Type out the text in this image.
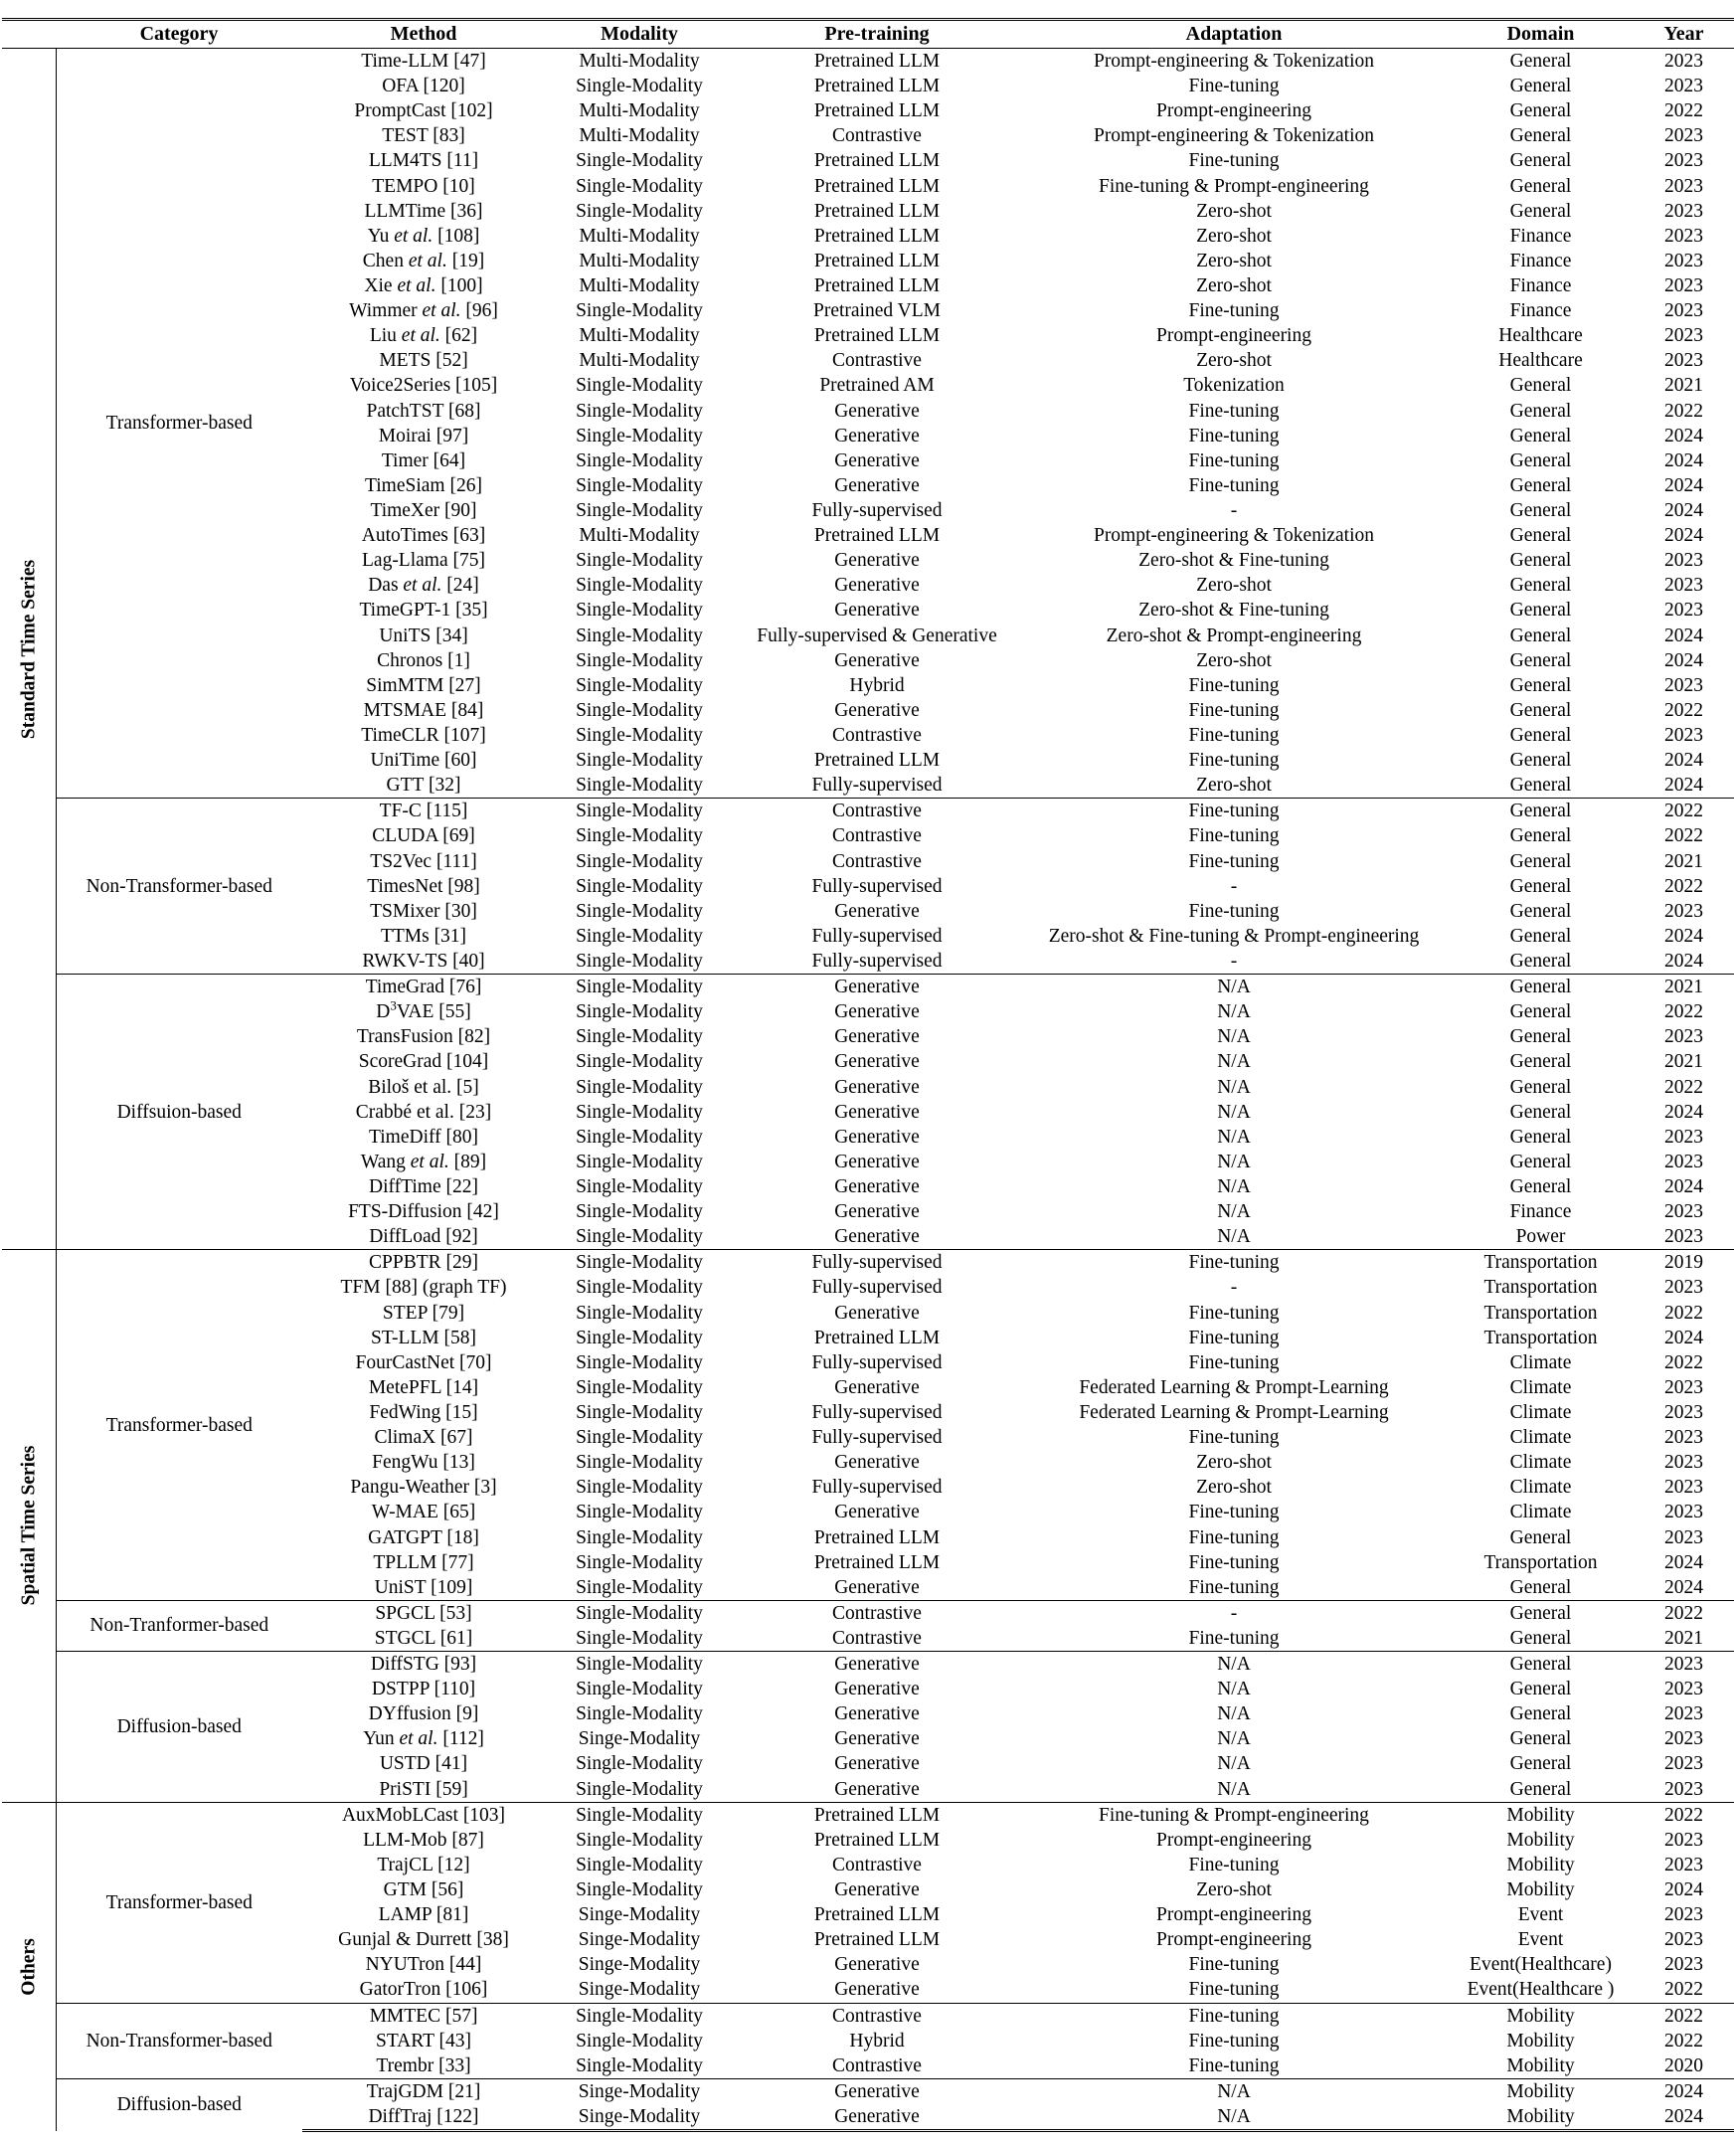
	Category	Method	Modality	Pre-training	Adaptation	Domain	Year

Standard Time Series	Transformer-based	Time-LLM [47]	Multi-Modality	Pretrained LLM	Prompt-engineering & Tokenization	General	2023
		OFA [120]	Single-Modality	Pretrained LLM	Fine-tuning	General	2023
		PromptCast [102]	Multi-Modality	Pretrained LLM	Prompt-engineering	General	2022
		TEST [83]	Multi-Modality	Contrastive	Prompt-engineering & Tokenization	General	2023
		LLM4TS [11]	Single-Modality	Pretrained LLM	Fine-tuning	General	2023
		TEMPO [10]	Single-Modality	Pretrained LLM	Fine-tuning & Prompt-engineering	General	2023
		LLMTime [36]	Single-Modality	Pretrained LLM	Zero-shot	General	2023
		Yu et al. [108]	Multi-Modality	Pretrained LLM	Zero-shot	Finance	2023
		Chen et al. [19]	Multi-Modality	Pretrained LLM	Zero-shot	Finance	2023
		Xie et al. [100]	Multi-Modality	Pretrained LLM	Zero-shot	Finance	2023
		Wimmer et al. [96]	Single-Modality	Pretrained VLM	Fine-tuning	Finance	2023
		Liu et al. [62]	Multi-Modality	Pretrained LLM	Prompt-engineering	Healthcare	2023
		METS [52]	Multi-Modality	Contrastive	Zero-shot	Healthcare	2023
		Voice2Series [105]	Single-Modality	Pretrained AM	Tokenization	General	2021
		PatchTST [68]	Single-Modality	Generative	Fine-tuning	General	2022
		Moirai [97]	Single-Modality	Generative	Fine-tuning	General	2024
		Timer [64]	Single-Modality	Generative	Fine-tuning	General	2024
		TimeSiam [26]	Single-Modality	Generative	Fine-tuning	General	2024
		TimeXer [90]	Single-Modality	Fully-supervised	-	General	2024
		AutoTimes [63]	Multi-Modality	Pretrained LLM	Prompt-engineering & Tokenization	General	2024
		Lag-Llama [75]	Single-Modality	Generative	Zero-shot & Fine-tuning	General	2023
		Das et al. [24]	Single-Modality	Generative	Zero-shot	General	2023
		TimeGPT-1 [35]	Single-Modality	Generative	Zero-shot & Fine-tuning	General	2023
		UniTS [34]	Single-Modality	Fully-supervised & Generative	Zero-shot & Prompt-engineering	General	2024
		Chronos [1]	Single-Modality	Generative	Zero-shot	General	2024
		SimMTM [27]	Single-Modality	Hybrid	Fine-tuning	General	2023
		MTSMAE [84]	Single-Modality	Generative	Fine-tuning	General	2022
		TimeCLR [107]	Single-Modality	Contrastive	Fine-tuning	General	2023
		UniTime [60]	Single-Modality	Pretrained LLM	Fine-tuning	General	2024
		GTT [32]	Single-Modality	Fully-supervised	Zero-shot	General	2024
	Non-Transformer-based	TF-C [115]	Single-Modality	Contrastive	Fine-tuning	General	2022
		CLUDA [69]	Single-Modality	Contrastive	Fine-tuning	General	2022
		TS2Vec [111]	Single-Modality	Contrastive	Fine-tuning	General	2021
		TimesNet [98]	Single-Modality	Fully-supervised	-	General	2022
		TSMixer [30]	Single-Modality	Generative	Fine-tuning	General	2023
		TTMs [31]	Single-Modality	Fully-supervised	Zero-shot & Fine-tuning & Prompt-engineering	General	2024
		RWKV-TS [40]	Single-Modality	Fully-supervised	-	General	2024
	Diffsuion-based	TimeGrad [76]	Single-Modality	Generative	N/A	General	2021
		$D^3VAE$ [55]	Single-Modality	Generative	N/A	General	2022
		TransFusion [82]	Single-Modality	Generative	N/A	General	2023
		ScoreGrad [104]	Single-Modality	Generative	N/A	General	2021
		Biloš et al. [5]	Single-Modality	Generative	N/A	General	2022
		Crabbé et al. [23]	Single-Modality	Generative	N/A	General	2024
		TimeDiff [80]	Single-Modality	Generative	N/A	General	2023
		Wang et al. [89]	Single-Modality	Generative	N/A	General	2023
		DiffTime [22]	Single-Modality	Generative	N/A	General	2024
		FTS-Diffusion [42]	Single-Modality	Generative	N/A	Finance	2023
		DiffLoad [92]	Single-Modality	Generative	N/A	Power	2023

Spatial Time Series	Transformer-based	CPPBTR [29]	Single-Modality	Fully-supervised	Fine-tuning	Transportation	2019
		TFM [88] (graph TF)	Single-Modality	Fully-supervised	-	Transportation	2023
		STEP [79]	Single-Modality	Generative	Fine-tuning	Transportation	2022
		ST-LLM [58]	Single-Modality	Pretrained LLM	Fine-tuning	Transportation	2024
		FourCastNet [70]	Single-Modality	Fully-supervised	Fine-tuning	Climate	2022
		MetePFL [14]	Single-Modality	Generative	Federated Learning & Prompt-Learning	Climate	2023
		FedWing [15]	Single-Modality	Fully-supervised	Federated Learning & Prompt-Learning	Climate	2023
		ClimaX [67]	Single-Modality	Fully-supervised	Fine-tuning	Climate	2023
		FengWu [13]	Single-Modality	Generative	Zero-shot	Climate	2023
		Pangu-Weather [3]	Single-Modality	Fully-supervised	Zero-shot	Climate	2023
		W-MAE [65]	Single-Modality	Generative	Fine-tuning	Climate	2023
		GATGPT [18]	Single-Modality	Pretrained LLM	Fine-tuning	General	2023
		TPLLM [77]	Single-Modality	Pretrained LLM	Fine-tuning	Transportation	2024
		UniST [109]	Single-Modality	Generative	Fine-tuning	General	2024
	Non-Tranformer-based	SPGCL [53]	Single-Modality	Contrastive	-	General	2022
		STGCL [61]	Single-Modality	Contrastive	Fine-tuning	General	2021
	Diffusion-based	DiffSTG [93]	Single-Modality	Generative	N/A	General	2023
		DSTPP [110]	Single-Modality	Generative	N/A	General	2023
		DYffusion [9]	Single-Modality	Generative	N/A	General	2023
		Yun et al. [112]	Singe-Modality	Generative	N/A	General	2023
		USTD [41]	Single-Modality	Generative	N/A	General	2023
		PriSTI [59]	Single-Modality	Generative	N/A	General	2023

Others	Transformer-based	AuxMobLCast [103]	Single-Modality	Pretrained LLM	Fine-tuning & Prompt-engineering	Mobility	2022
		LLM-Mob [87]	Single-Modality	Pretrained LLM	Prompt-engineering	Mobility	2023
		TrajCL [12]	Single-Modality	Contrastive	Fine-tuning	Mobility	2023
		GTM [56]	Single-Modality	Generative	Zero-shot	Mobility	2024
		LAMP [81]	Singe-Modality	Pretrained LLM	Prompt-engineering	Event	2023
		Gunjal & Durrett [38]	Singe-Modality	Pretrained LLM	Prompt-engineering	Event	2023
		NYUTron [44]	Singe-Modality	Generative	Fine-tuning	Event(Healthcare)	2023
		GatorTron [106]	Singe-Modality	Generative	Fine-tuning	Event(Healthcare )	2022
	Non-Transformer-based	MMTEC [57]	Single-Modality	Contrastive	Fine-tuning	Mobility	2022
		START [43]	Single-Modality	Hybrid	Fine-tuning	Mobility	2022
		Trembr [33]	Single-Modality	Contrastive	Fine-tuning	Mobility	2020
	Diffusion-based	TrajGDM [21]	Singe-Modality	Generative	N/A	Mobility	2024
		DiffTraj [122]	Singe-Modality	Generative	N/A	Mobility	2024
